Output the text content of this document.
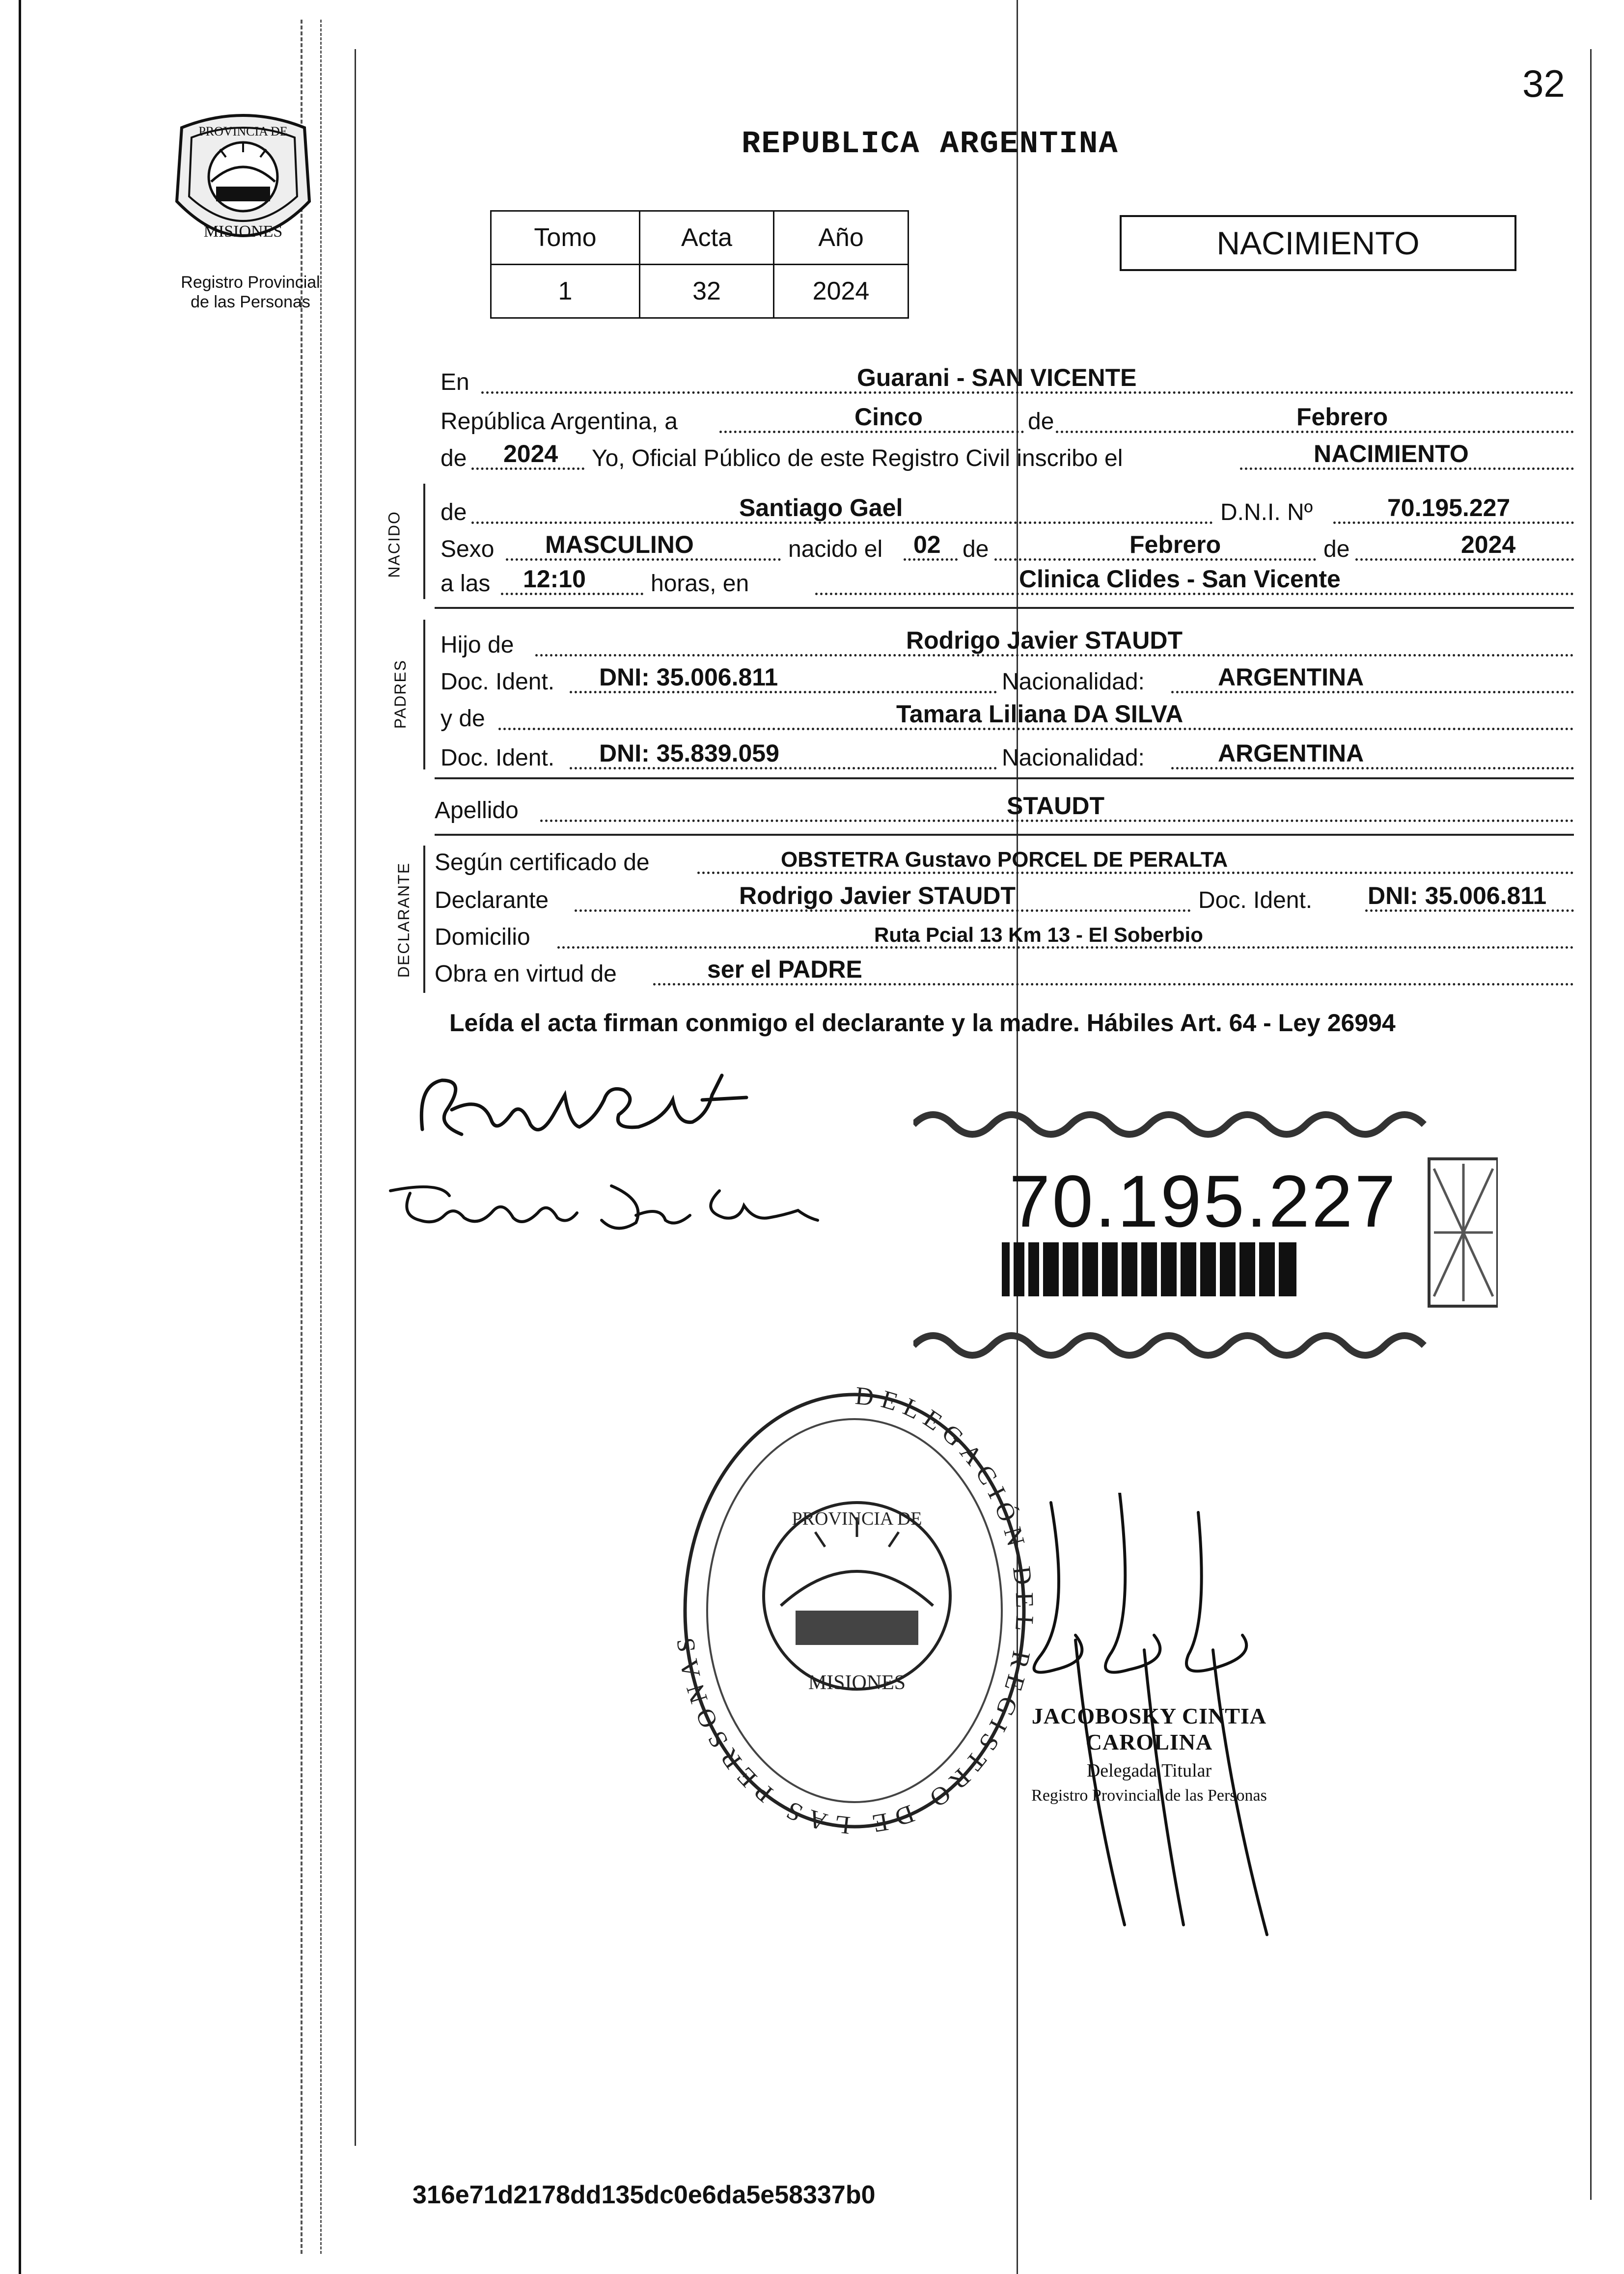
32
REPUBLICA ARGENTINA
PROVINCIA DE
MISIONES
Registro Provincial
de las Personas
Tomo	Acta	Año
1	32	2024
NACIMIENTO
En	Guarani - SAN VICENTE
República Argentina, a	Cinco	de	Febrero
de 2024 Yo, Oficial Público de este Registro Civil inscribo el	NACIMIENTO
NACIDO de	Santiago Gael	D.N.I. Nº	70.195.227
Sexo MASCULINO	nacido el 02 de	Febrero	de	2024
a las 12:10	horas, en	Clinica Clides - San Vicente
PADRES
Hijo de	Rodrigo Javier STAUDT
Doc. Ident. DNI: 35.006.811	Nacionalidad:	ARGENTINA
y de	Tamara Liliana DA SILVA
Doc. Ident. DNI: 35.839.059	Nacionalidad:	ARGENTINA
Apellido	STAUDT
DECLARANTE Según certificado de	OBSTETRA Gustavo PORCEL DE PERALTA
Declarante	Rodrigo Javier STAUDT	Doc. Ident. DNI: 35.006.811
Domicilio	Ruta Pcial 13 Km 13 - El Soberbio
Obra en virtud de	ser el PADRE
Leída el acta firman conmigo el declarante y la madre. Hábiles Art. 64 - Ley 26994
70.195.227
DELEGACIÓN DEL REGISTRO DE LAS PERSONAS
PROVINCIA DE
MISIONES
JACOBOSKY CINTIA CAROLINA
Delegada Titular
Registro Provincial de las Personas
316e71d2178dd135dc0e6da5e58337b0
